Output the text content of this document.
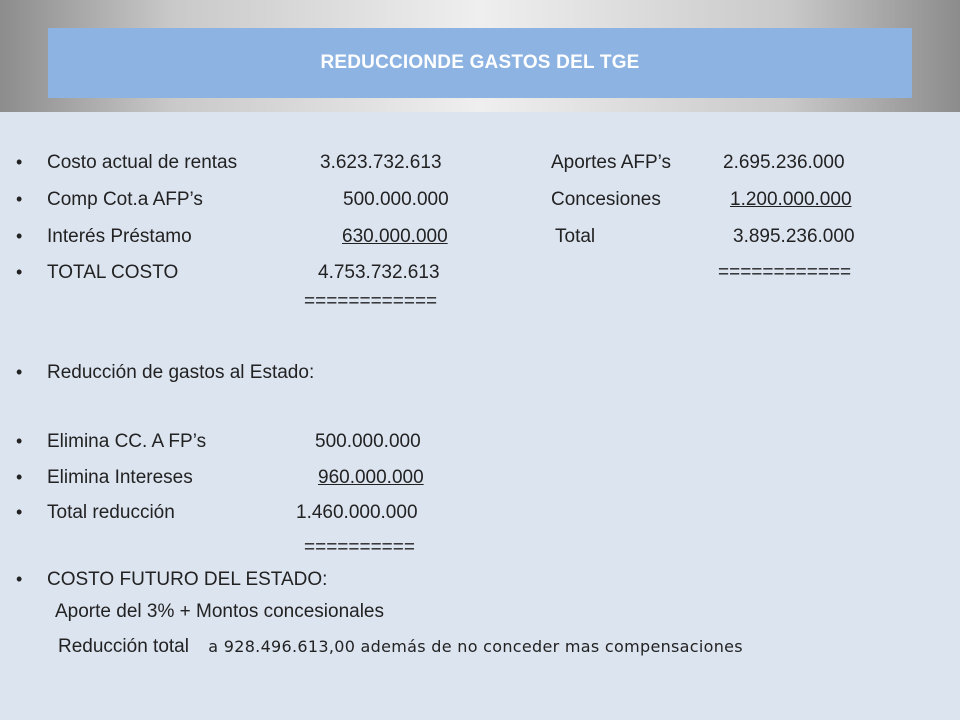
REDUCCIONDE GASTOS DEL TGE
• Costo actual de rentas	3.623.732.613	Aportes AFP’s	2.695.236.000
• Comp Cot.a AFP’s	500.000.000	Concesiones	1.200.000.000
• Interés Préstamo	630.000.000	Total	3.895.236.000
• TOTAL COSTO	4.753.732.613	============
============
• Reducción de gastos al Estado:
• Elimina CC. A FP’s	500.000.000
• Elimina Intereses	960.000.000
• Total reducción	1.460.000.000
==========
• COSTO FUTURO DEL ESTADO:
Aporte del 3% + Montos concesionales
Reducción total a 928.496.613,00 además de no conceder mas compensaciones
